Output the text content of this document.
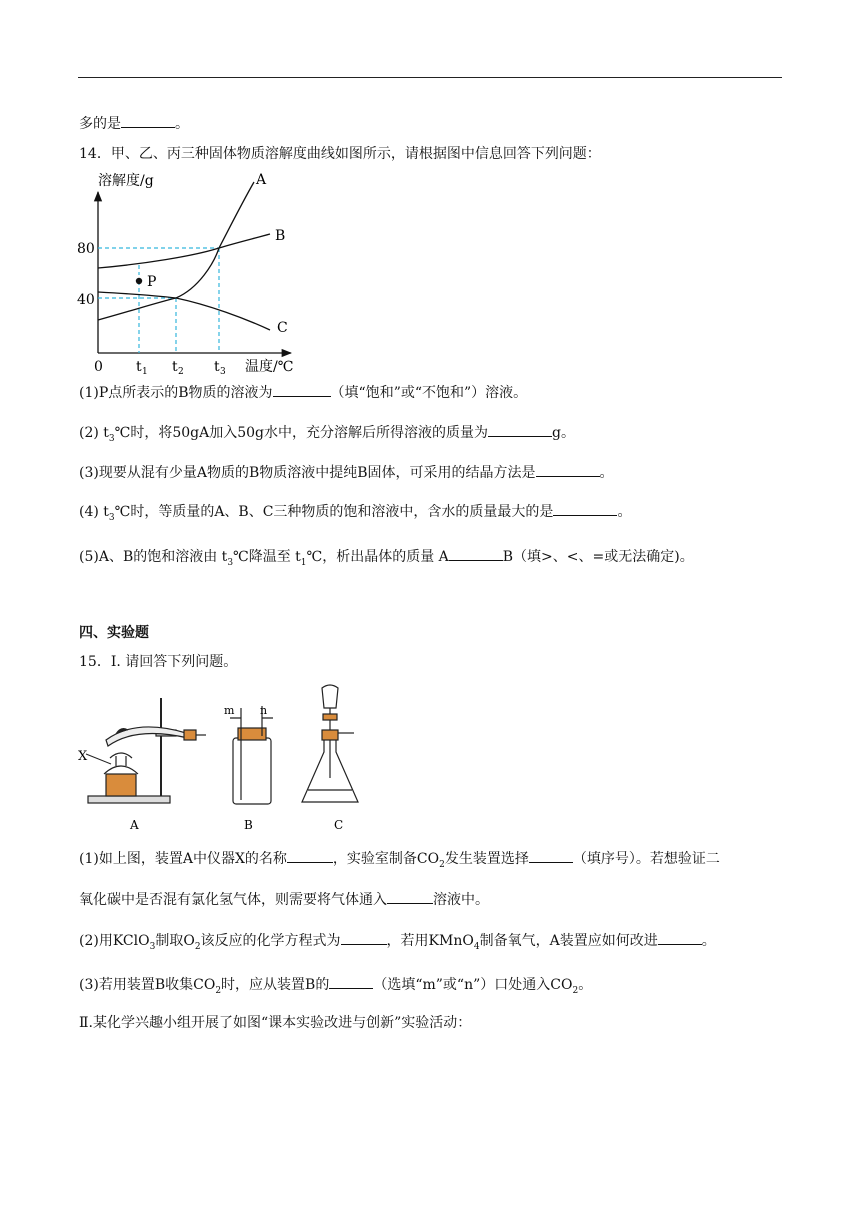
多的是	。
14．甲、乙、丙三种固体物质溶解度曲线如图所示，请根据图中信息回答下列问题：
溶解度/g
温度/℃
0
80
40
t 1 t 2 t 3
A
B
C
P
(1)P点所表示的B物质的溶液为	（填“饱和”或“不饱和”）溶液。
(2) $t_3℃$时，将50gA加入50g水中，充分溶解后所得溶液的质量为	g。
(3)现要从混有少量A物质的B物质溶液中提纯B固体，可采用的结晶方法是	。
(4) $t_3℃$时，等质量的A、B、C三种物质的饱和溶液中，含水的质量最大的是	。
(5)A、B的饱和溶液由 $t_3℃$降温至 $t_1℃$，析出晶体的质量 A	B（填>、<、=或无法确定)。
四、实验题
15．Ⅰ. 请回答下列问题。
X
A
m n
B	C
(1)如上图，装置A中仪器X的名称	，实验室制备$CO_2$发生装置选择	（填序号）。若想验证二
氧化碳中是否混有氯化氢气体，则需要将气体通入	溶液中。
(2)用KClO$_3$制取$O_2$该反应的化学方程式为	，若用KMnO$_4$制备氧气，A装置应如何改进	。
(3)若用装置B收集$CO_2$时，应从装置B的	（选填“m”或“n”）口处通入$CO_2$。
Ⅱ.某化学兴趣小组开展了如图“课本实验改进与创新”实验活动：
